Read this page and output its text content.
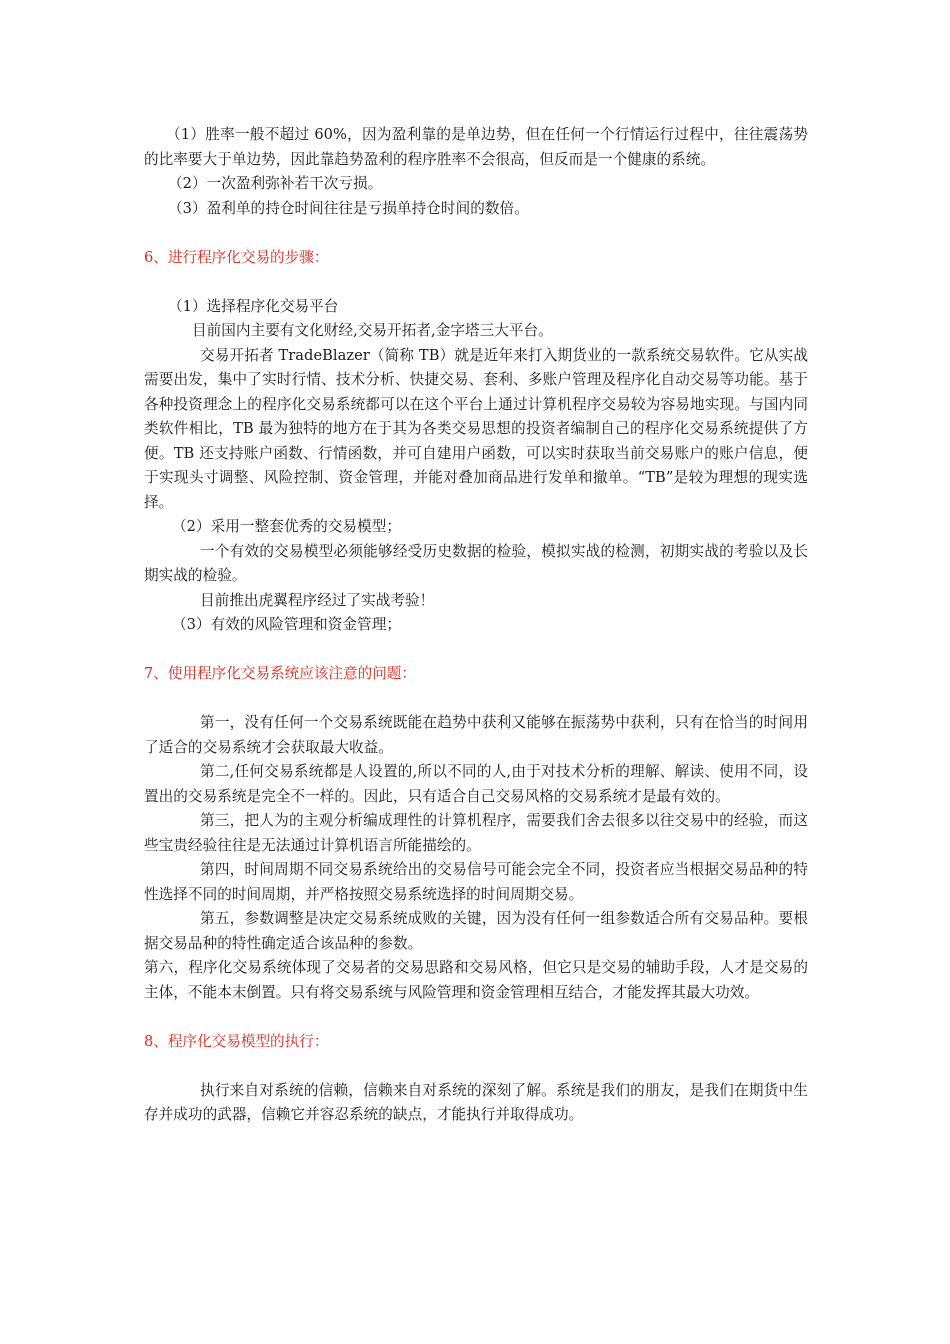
（1）胜率一般不超过 60%，因为盈利靠的是单边势，但在任何一个行情运行过程中，往往震荡势的比率要大于单边势，因此靠趋势盈利的程序胜率不会很高，但反而是一个健康的系统。

（2）一次盈利弥补若干次亏损。

（3）盈利单的持仓时间往往是亏损单持仓时间的数倍。

6、进行程序化交易的步骤：

（1）选择程序化交易平台

目前国内主要有文化财经,交易开拓者,金字塔三大平台。

交易开拓者 TradeBlazer（简称 TB）就是近年来打入期货业的一款系统交易软件。它从实战需要出发，集中了实时行情、技术分析、快捷交易、套利、多账户管理及程序化自动交易等功能。基于各种投资理念上的程序化交易系统都可以在这个平台上通过计算机程序交易较为容易地实现。与国内同类软件相比，TB 最为独特的地方在于其为各类交易思想的投资者编制自己的程序化交易系统提供了方便。TB 还支持账户函数、行情函数，并可自建用户函数，可以实时获取当前交易账户的账户信息，便于实现头寸调整、风险控制、资金管理，并能对叠加商品进行发单和撤单。“TB”是较为理想的现实选择。

（2）采用一整套优秀的交易模型；

一个有效的交易模型必须能够经受历史数据的检验，模拟实战的检测，初期实战的考验以及长期实战的检验。

目前推出虎翼程序经过了实战考验！

（3）有效的风险管理和资金管理；

7、使用程序化交易系统应该注意的问题：

第一，没有任何一个交易系统既能在趋势中获利又能够在振荡势中获利，只有在恰当的时间用了适合的交易系统才会获取最大收益。

第二,任何交易系统都是人设置的,所以不同的人,由于对技术分析的理解、解读、使用不同，设置出的交易系统是完全不一样的。因此，只有适合自己交易风格的交易系统才是最有效的。

第三，把人为的主观分析编成理性的计算机程序，需要我们舍去很多以往交易中的经验，而这些宝贵经验往往是无法通过计算机语言所能描绘的。

第四，时间周期不同交易系统给出的交易信号可能会完全不同，投资者应当根据交易品种的特性选择不同的时间周期，并严格按照交易系统选择的时间周期交易。

第五，参数调整是决定交易系统成败的关键，因为没有任何一组参数适合所有交易品种。要根据交易品种的特性确定适合该品种的参数。

第六，程序化交易系统体现了交易者的交易思路和交易风格，但它只是交易的辅助手段，人才是交易的主体，不能本末倒置。只有将交易系统与风险管理和资金管理相互结合，才能发挥其最大功效。

8、程序化交易模型的执行：

执行来自对系统的信赖，信赖来自对系统的深刻了解。系统是我们的朋友，是我们在期货中生存并成功的武器，信赖它并容忍系统的缺点，才能执行并取得成功。
